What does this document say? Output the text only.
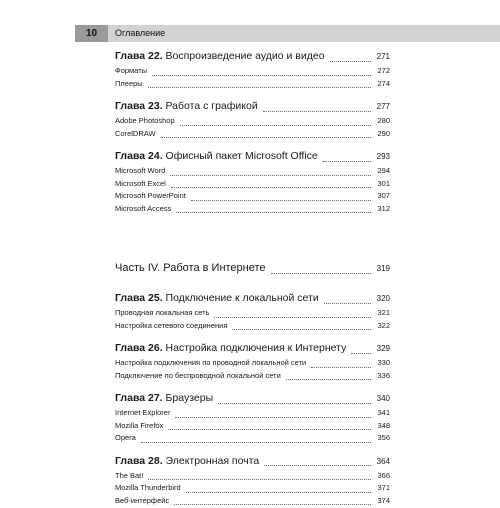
10	Оглавление
Глава 22. Воспроизведение аудио и видео	271
Форматы	272
Плееры	274
Глава 23. Работа с графикой	277
Adobe Photoshop	280
CorelDRAW	290
Глава 24. Офисный пакет Microsoft Office	293
Microsoft Word	294
Microsoft Excel	301
Microsoft PowerPoint	307
Microsoft Access	312
Часть IV. Работа в Интернете	319
Глава 25. Подключение к локальной сети	320
Проводная локальная сеть	321
Настройка сетевого соединения	322
Глава 26. Настройка подключения к Интернету	329
Настройка подключения по проводной локальной сети	330
Подключение по беспроводной локальной сети	336
Глава 27. Браузеры	340
Internet Explorer	341
Mozilla Firefox	348
Opera	356
Глава 28. Электронная почта	364
The Bat!	366
Mozilla Thunderbird	371
Веб-интерфейс	374
